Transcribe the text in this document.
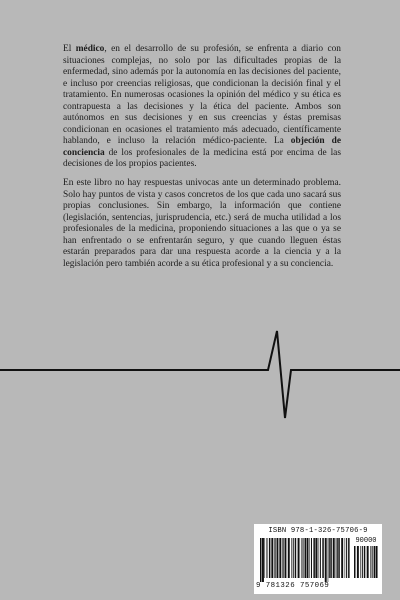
El médico, en el desarrollo de su profesión, se enfrenta a diario con situaciones complejas, no solo por las dificultades propias de la enfermedad, sino además por la autonomía en las decisiones del paciente, e incluso por creencias religiosas, que condicionan la decisión final y el tratamiento. En numerosas ocasiones la opinión del médico y su ética es contrapuesta a las decisiones y la ética del paciente. Ambos son autónomos en sus decisiones y en sus creencias y éstas premisas condicionan en ocasiones el tratamiento más adecuado, científicamente hablando, e incluso la relación médico-paciente. La objeción de conciencia de los profesionales de la medicina está por encima de las decisiones de los propios pacientes.

En este libro no hay respuestas univocas ante un determinado problema. Solo hay puntos de vista y casos concretos de los que cada uno sacará sus propias conclusiones. Sin embargo, la información que contiene (legislación, sentencias, jurisprudencia, etc.) será de mucha utilidad a los profesionales de la medicina, proponiendo situaciones a las que o ya se han enfrentado o se enfrentarán seguro, y que cuando lleguen éstas estarán preparados para dar una respuesta acorde a la ciencia y a la legislación pero también acorde a su ética profesional y a su conciencia.

ISBN 978-1-326-75706-9
90000
9 781326 757069
